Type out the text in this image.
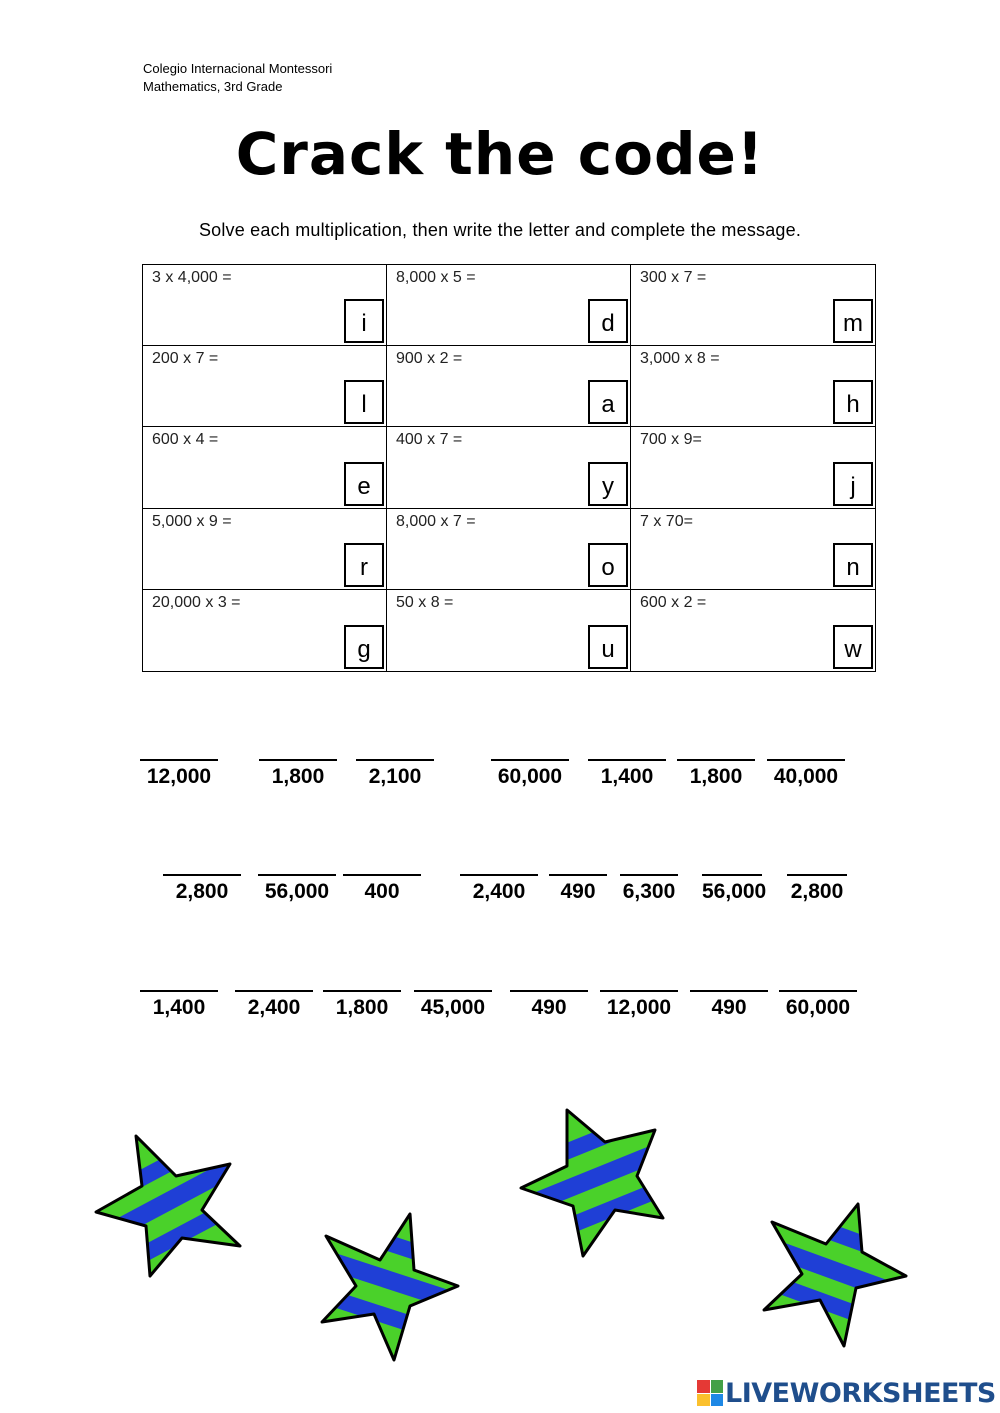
Colegio Internacional Montessori
Mathematics, 3rd Grade
Crack the code!
Solve each multiplication, then write the letter and complete the message.
3 x 4,000 =
i
8,000 x 5 =
d
300 x 7 =
m
200 x 7 =
l
900 x 2 =
a
3,000 x 8 =
h
600 x 4 =
e
400 x 7 =
y
700 x 9=
j
5,000 x 9 =
r
8,000 x 7 =
o
7 x 70=
n
20,000 x 3 =
g
50 x 8 =
u
600 x 2 =
w
12,000	1,800	2,100	60,000	1,400	1,800	40,000
2,800	56,000	400	2,400	490	6,300 56,000 2,800
1,400	2,400	1,800	45,000	490	12,000	490	60,000
LIVEWORKSHEETS
